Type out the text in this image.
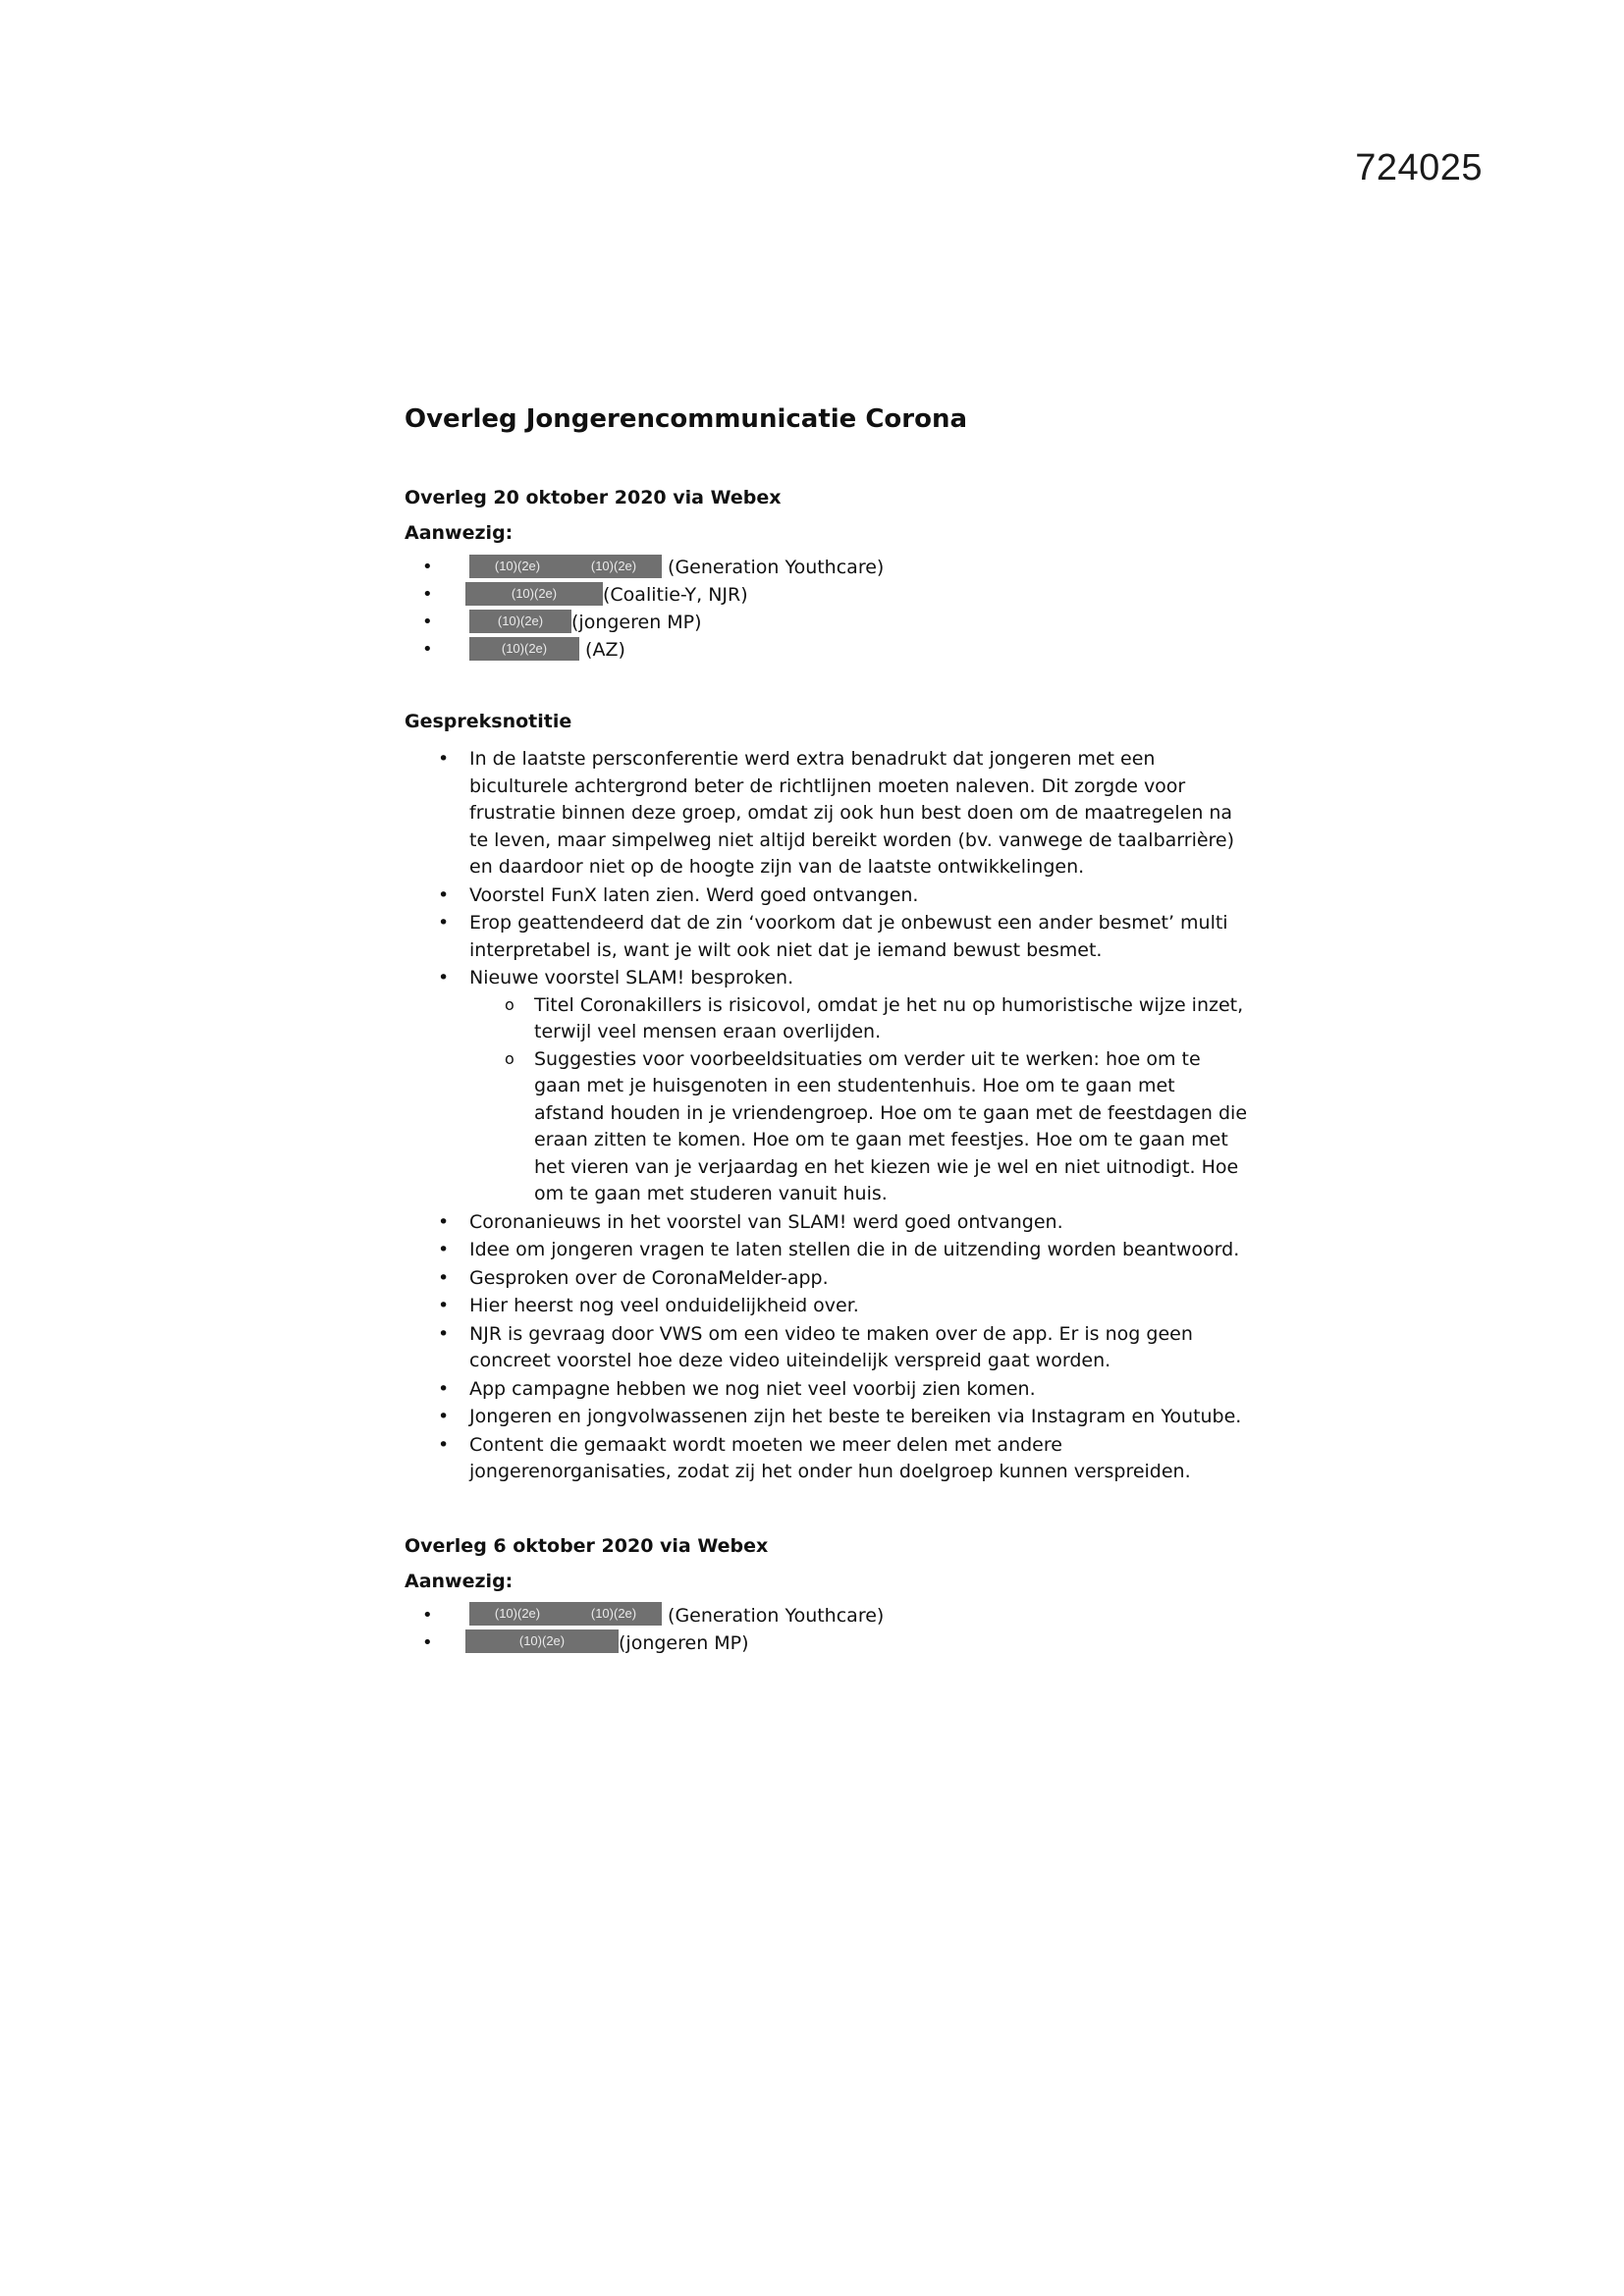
724025
Overleg Jongerencommunicatie Corona
Overleg 20 oktober 2020 via Webex
Aanwezig:
• (10)(2e)	(10)(2e)	(Generation Youthcare)
• (10)(2e)	(Coalitie-Y, NJR)
• (10)(2e)	(jongeren MP)
• (10)(2e)	(AZ)
Gespreksnotitie
• In de laatste persconferentie werd extra benadrukt dat jongeren met een biculturele achtergrond beter de richtlijnen moeten naleven. Dit zorgde voor frustratie binnen deze groep, omdat zij ook hun best doen om de maatregelen na te leven, maar simpelweg niet altijd bereikt worden (bv. vanwege de taalbarrière) en daardoor niet op de hoogte zijn van de laatste ontwikkelingen.
• Voorstel FunX laten zien. Werd goed ontvangen.
• Erop geattendeerd dat de zin ‘voorkom dat je onbewust een ander besmet’ multi interpretabel is, want je wilt ook niet dat je iemand bewust besmet.
• Nieuwe voorstel SLAM! besproken.
o Titel Coronakillers is risicovol, omdat je het nu op humoristische wijze inzet, terwijl veel mensen eraan overlijden.
o Suggesties voor voorbeeldsituaties om verder uit te werken: hoe om te gaan met je huisgenoten in een studentenhuis. Hoe om te gaan met afstand houden in je vriendengroep. Hoe om te gaan met de feestdagen die eraan zitten te komen. Hoe om te gaan met feestjes. Hoe om te gaan met het vieren van je verjaardag en het kiezen wie je wel en niet uitnodigt. Hoe om te gaan met studeren vanuit huis.
• Coronanieuws in het voorstel van SLAM! werd goed ontvangen.
• Idee om jongeren vragen te laten stellen die in de uitzending worden beantwoord.
• Gesproken over de CoronaMelder-app.
• Hier heerst nog veel onduidelijkheid over.
• NJR is gevraag door VWS om een video te maken over de app. Er is nog geen concreet voorstel hoe deze video uiteindelijk verspreid gaat worden.
• App campagne hebben we nog niet veel voorbij zien komen.
• Jongeren en jongvolwassenen zijn het beste te bereiken via Instagram en Youtube.
• Content die gemaakt wordt moeten we meer delen met andere jongerenorganisaties, zodat zij het onder hun doelgroep kunnen verspreiden.
Overleg 6 oktober 2020 via Webex
Aanwezig:
• (10)(2e)	(10)(2e)	(Generation Youthcare)
• (10)(2e)	(jongeren MP)
